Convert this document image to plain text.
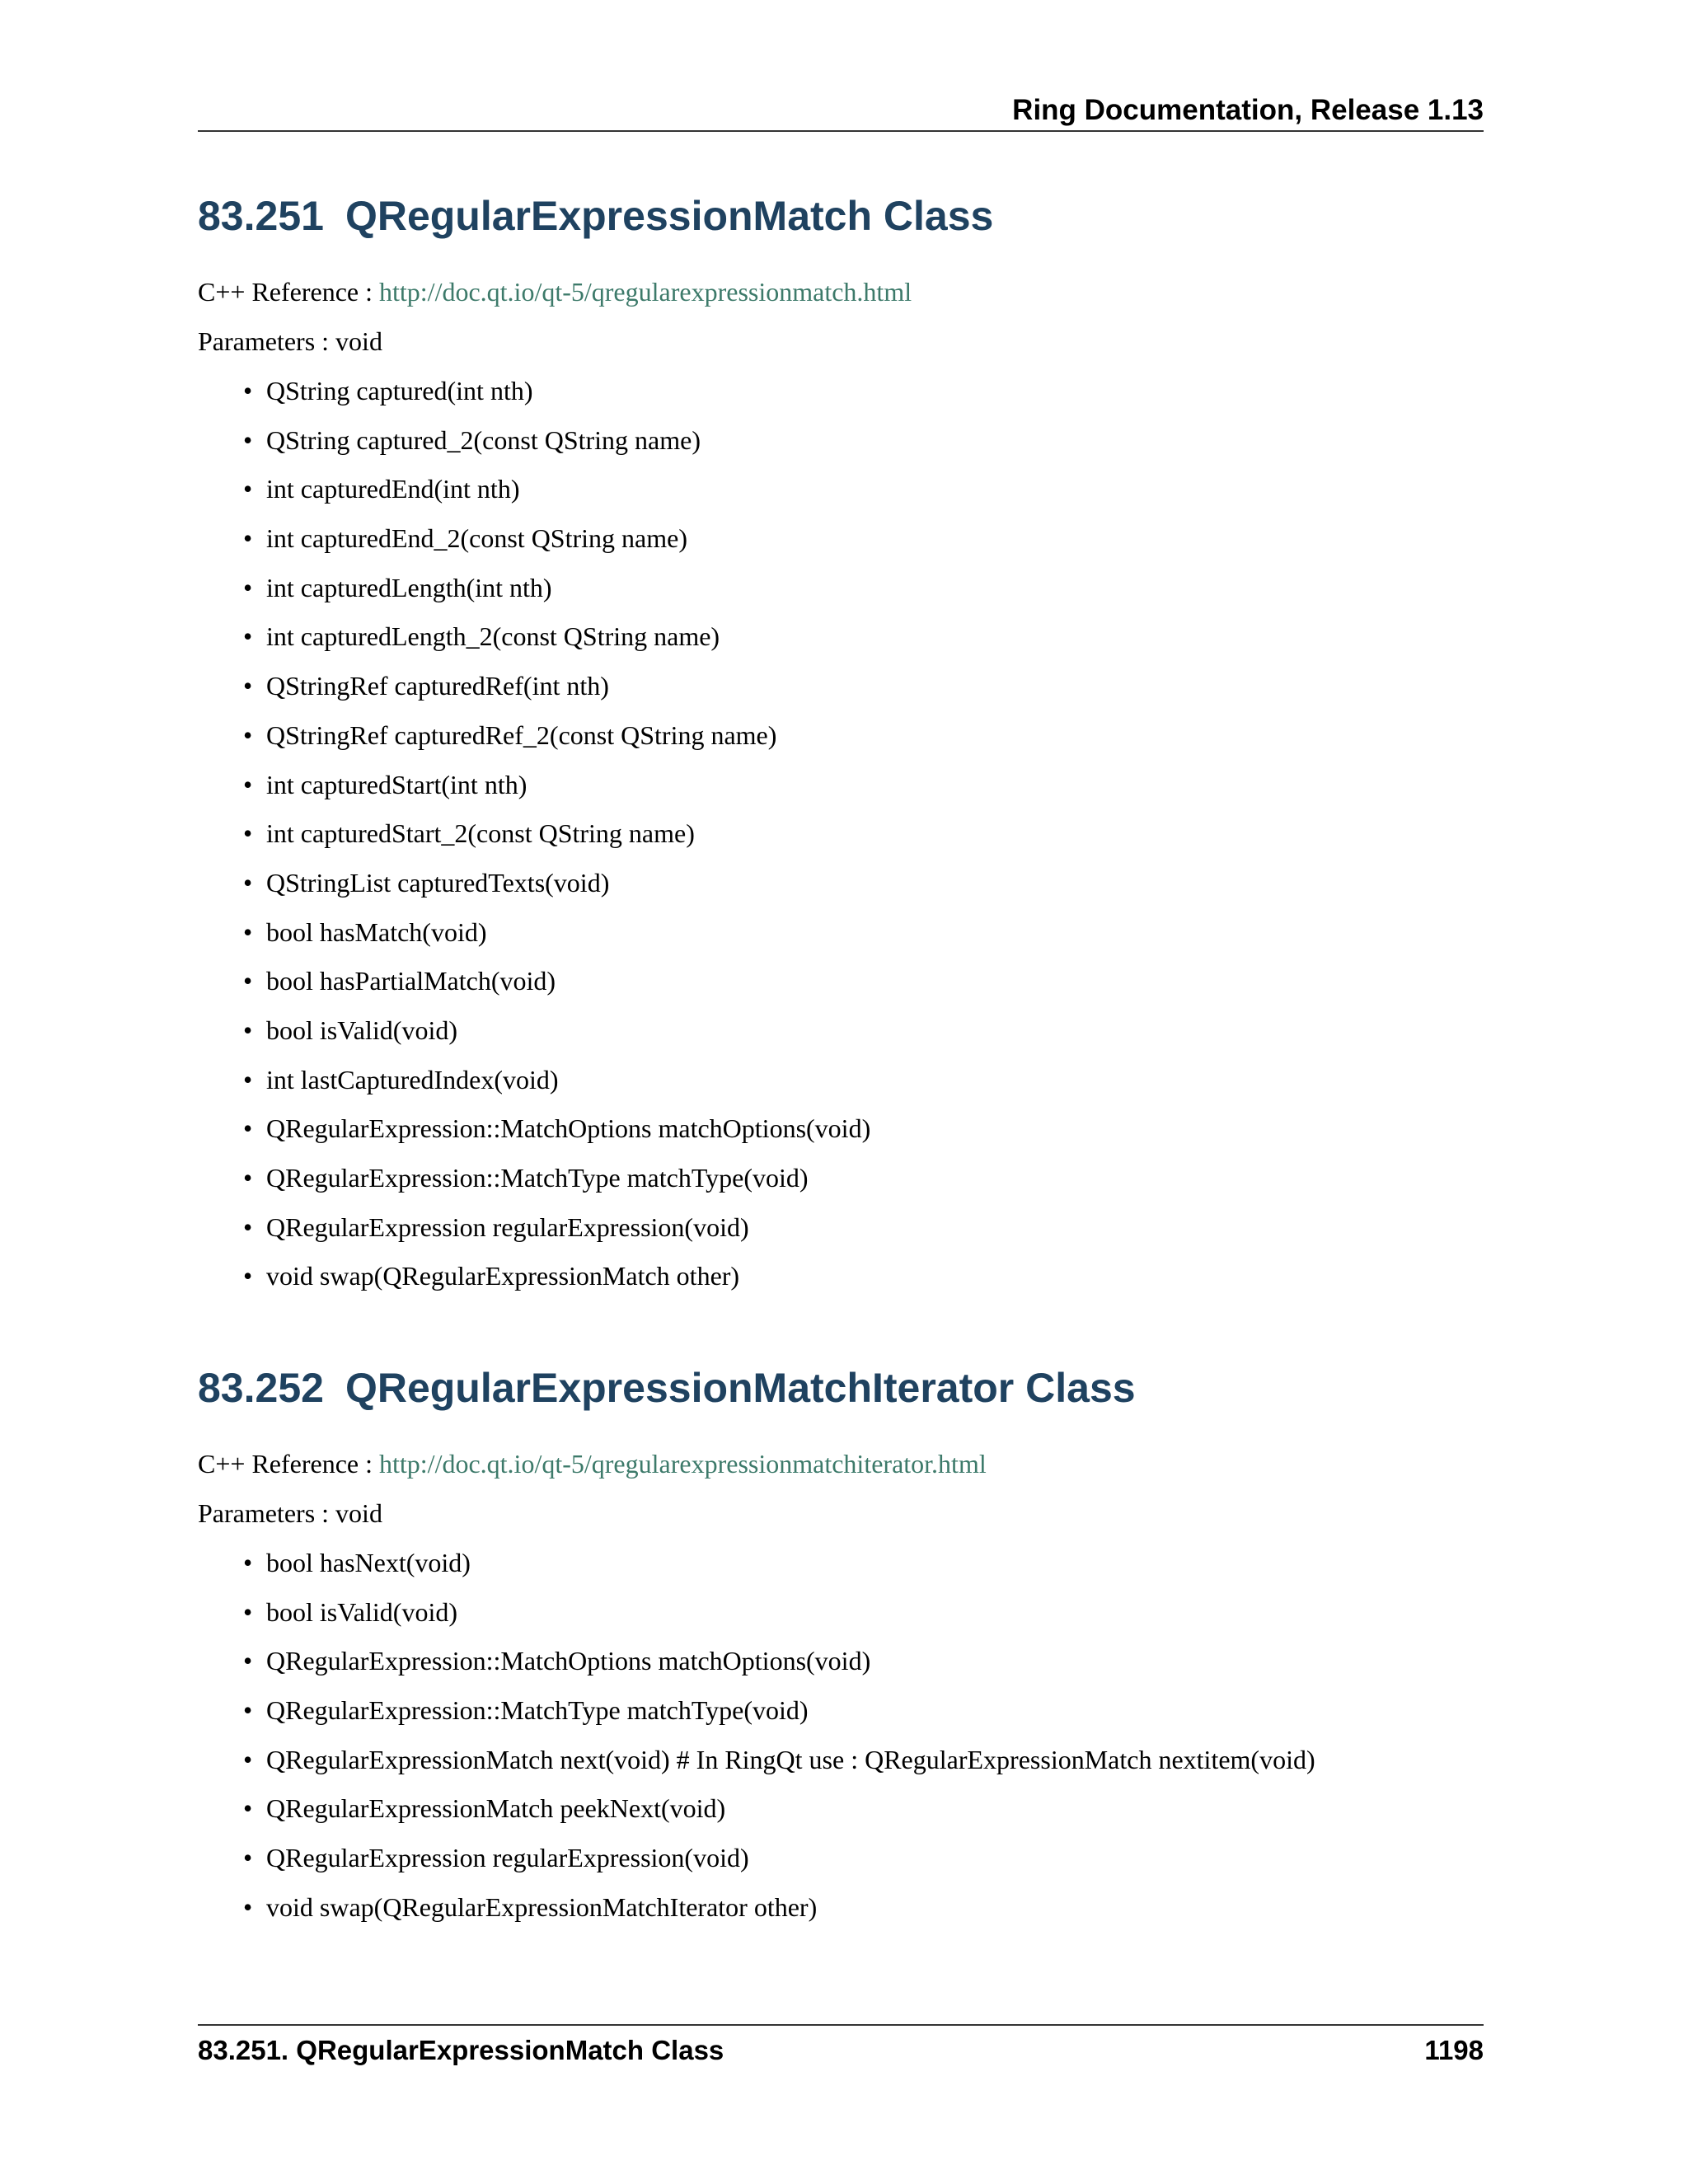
Ring Documentation, Release 1.13
83.251 QRegularExpressionMatch Class
C++ Reference : http://doc.qt.io/qt-5/qregularexpressionmatch.html
Parameters : void
• QString captured(int nth)
• QString captured_2(const QString name)
• int capturedEnd(int nth)
• int capturedEnd_2(const QString name)
• int capturedLength(int nth)
• int capturedLength_2(const QString name)
• QStringRef capturedRef(int nth)
• QStringRef capturedRef_2(const QString name)
• int capturedStart(int nth)
• int capturedStart_2(const QString name)
• QStringList capturedTexts(void)
• bool hasMatch(void)
• bool hasPartialMatch(void)
• bool isValid(void)
• int lastCapturedIndex(void)
• QRegularExpression::MatchOptions matchOptions(void)
• QRegularExpression::MatchType matchType(void)
• QRegularExpression regularExpression(void)
• void swap(QRegularExpressionMatch other)
83.252 QRegularExpressionMatchIterator Class
C++ Reference : http://doc.qt.io/qt-5/qregularexpressionmatchiterator.html
Parameters : void
• bool hasNext(void)
• bool isValid(void)
• QRegularExpression::MatchOptions matchOptions(void)
• QRegularExpression::MatchType matchType(void)
• QRegularExpressionMatch next(void) # In RingQt use : QRegularExpressionMatch nextitem(void)
• QRegularExpressionMatch peekNext(void)
• QRegularExpression regularExpression(void)
• void swap(QRegularExpressionMatchIterator other)
83.251. QRegularExpressionMatch Class	1198
